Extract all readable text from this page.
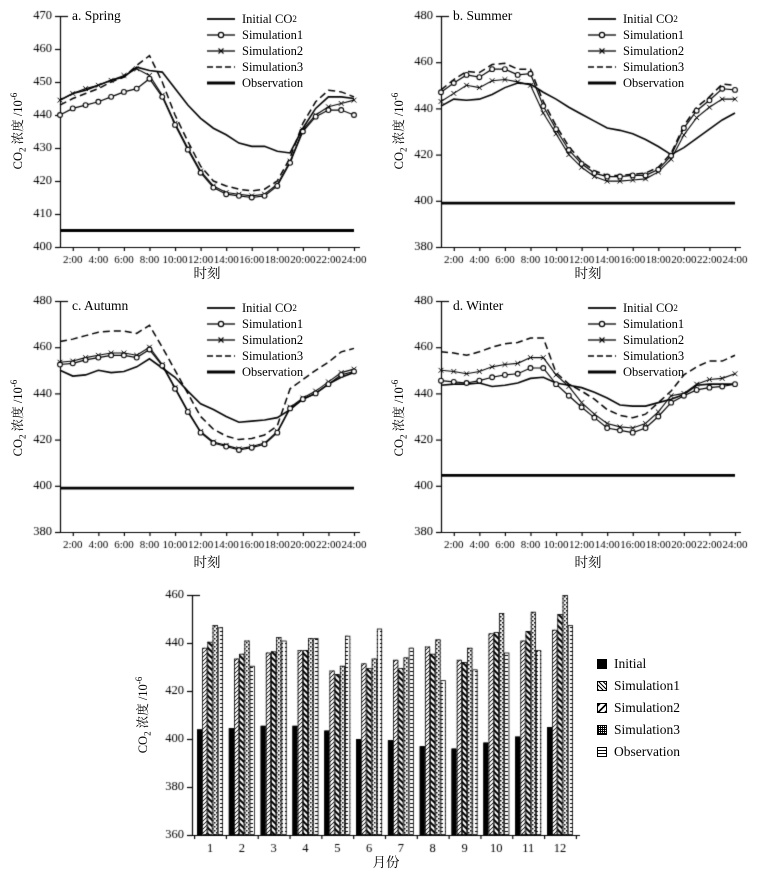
a. Spring	Initial CO 2
Simulation1
Simulation2
Simulation3
Observation
$CO_2$ 浓度 $/10^{-6}$
时刻
b. Summer	Initial CO 2
Simulation1
Simulation2
Simulation3
Observation
$CO_2$ 浓度 $/10^{-6}$
时刻
c. Autumn	Initial CO 2
Simulation1
Simulation2
Simulation3
Observation
$CO_2$ 浓度 $/10^{-6}$
时刻
d. Winter	Initial CO 2
Simulation1
Simulation2
Simulation3
Observation
$CO_2$ 浓度 $/10^{-6}$
时刻
Initial
Simulation1
Simulation2
Simulation3
Observation
$CO_2$ 浓度 $/10^{-6}$
月份
